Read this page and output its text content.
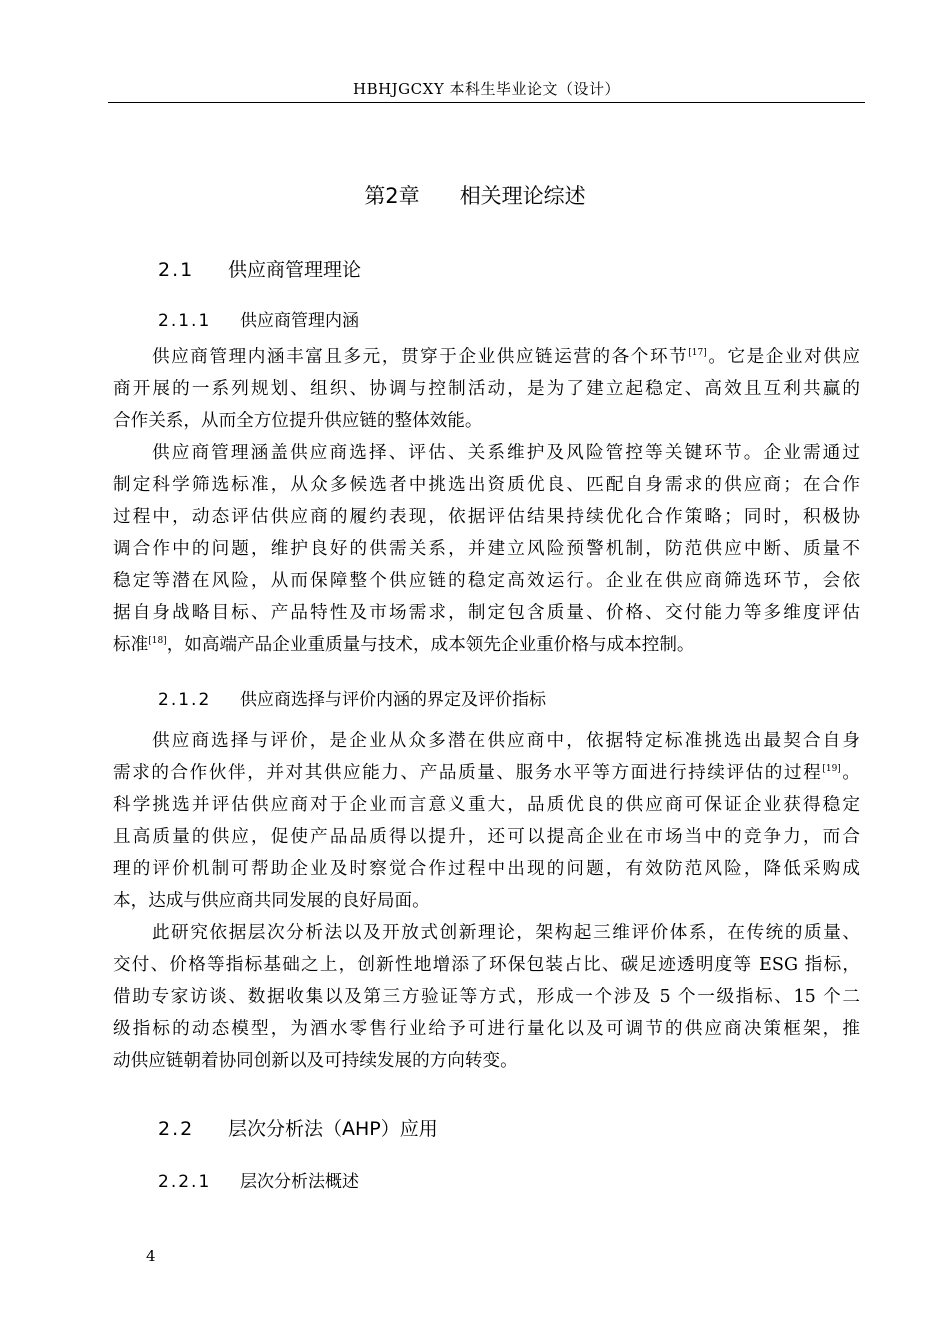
HBHJGCXY 本科生毕业论文（设计）
第2章 相关理论综述
2.1 供应商管理理论
2.1.1 供应商管理内涵
2.1.2 供应商选择与评价内涵的界定及评价指标
2.2 层次分析法（AHP）应用
2.2.1 层次分析法概述
供应商管理内涵丰富且多元，贯穿于企业供应链运营的各个环节[17]。它是企业对供应
商开展的一系列规划、组织、协调与控制活动，是为了建立起稳定、高效且互利共赢的
合作关系，从而全方位提升供应链的整体效能。
供应商管理涵盖供应商选择、评估、关系维护及风险管控等关键环节。企业需通过
制定科学筛选标准，从众多候选者中挑选出资质优良、匹配自身需求的供应商；在合作
过程中，动态评估供应商的履约表现，依据评估结果持续优化合作策略；同时，积极协
调合作中的问题，维护良好的供需关系，并建立风险预警机制，防范供应中断、质量不
稳定等潜在风险，从而保障整个供应链的稳定高效运行。企业在供应商筛选环节，会依
据自身战略目标、产品特性及市场需求，制定包含质量、价格、交付能力等多维度评估
标准[18]，如高端产品企业重质量与技术，成本领先企业重价格与成本控制。
供应商选择与评价，是企业从众多潜在供应商中，依据特定标准挑选出最契合自身
需求的合作伙伴，并对其供应能力、产品质量、服务水平等方面进行持续评估的过程[19]。
科学挑选并评估供应商对于企业而言意义重大，品质优良的供应商可保证企业获得稳定
且高质量的供应，促使产品品质得以提升，还可以提高企业在市场当中的竞争力，而合
理的评价机制可帮助企业及时察觉合作过程中出现的问题，有效防范风险，降低采购成
本，达成与供应商共同发展的良好局面。
此研究依据层次分析法以及开放式创新理论，架构起三维评价体系，在传统的质量、
交付、价格等指标基础之上，创新性地增添了环保包装占比、碳足迹透明度等 ESG 指标，
借助专家访谈、数据收集以及第三方验证等方式，形成一个涉及 5 个一级指标、15 个二
级指标的动态模型，为酒水零售行业给予可进行量化以及可调节的供应商决策框架，推
动供应链朝着协同创新以及可持续发展的方向转变。
4
